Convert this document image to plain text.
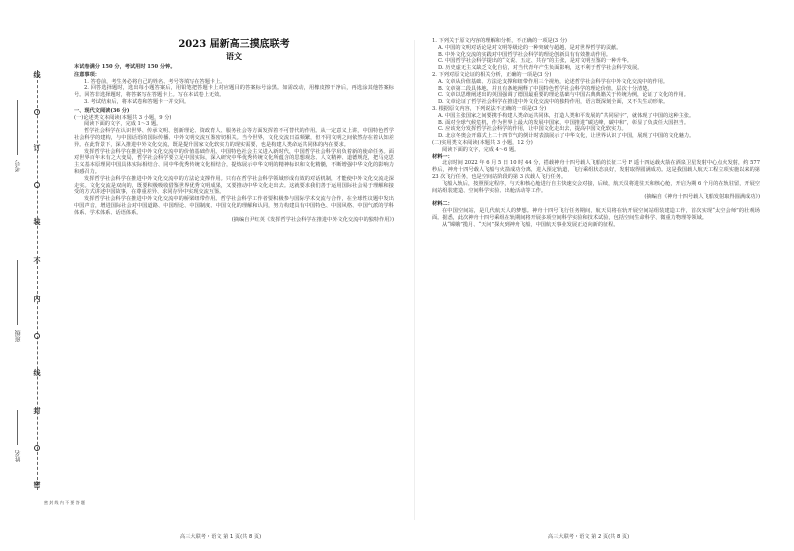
考号
班级
姓名
线
订
装
不
内
线
封
密
密 封 线 内 不 要 答 题
2023 届新高三摸底联考
语文
本试卷满分 150 分，考试用时 150 分钟。
注意事项：
1. 答卷前，考生务必将自己的姓名、考号等填写在答题卡上。
2. 回答选择题时，选出每小题答案后，用铅笔把答题卡上对应题目的答案标号涂黑。如需改动，用橡皮擦干净后，再选涂其他答案标号。回答非选择题时，将答案写在答题卡上。写在本试卷上无效。
3. 考试结束后，将本试卷和答题卡一并交回。
一、现代文阅读(36 分)
(一)论述类文本阅读(本题共 3 小题，9 分)
阅读下面的文字，完成 1～3 题。
哲学社会科学在认识世界、传承文明、创新理论、资政育人、服务社会等方面发挥着不可替代的作用。从一定意义上讲，中国特色哲学社会科学的建构，与中国话语的国际传播、中外文明交流互鉴密切相关。当今世界，文化交流日益频繁，但不同文明之间依然存在着认知差异。在此背景下，深入推进中外文化交流，既是提升国家文化软实力的现实需要，也是构建人类命运共同体的内在要求。
发挥哲学社会科学在推进中外文化交流中的价值基础作用。中国特色社会主义进入新时代，中国哲学社会科学肩负着新的使命任务。面对世界百年未有之大变局，哲学社会科学要立足中国实际，深入研究中华优秀传统文化所蕴含的思想观念、人文精神、道德规范，把马克思主义基本原理同中国具体实际相结合、同中华优秀传统文化相结合，提炼展示中华文明的精神标识和文化精髓，不断增强中华文化的影响力和感召力。
发挥哲学社会科学在推进中外文化交流中的方法论支撑作用。只有在哲学社会科学领域形成有效的对话机制，才能使中外文化交流走深走实。文化交流是双向的，既要积极吸收借鉴世界优秀文明成果，又要推动中华文化走出去。这就要求我们善于运用国际社会易于理解和接受的方式讲述中国故事，在尊重差异、求同存异中实现交流互鉴。
发挥哲学社会科学在推进中外文化交流中的桥梁纽带作用。哲学社会科学工作者要积极参与国际学术交流与合作，在全球性议题中发出中国声音，增进国际社会对中国道路、中国理论、中国制度、中国文化的理解和认同，努力构建具有中国特色、中国风格、中国气派的学科体系、学术体系、话语体系。
(摘编自尹红英《发挥哲学社会科学在推进中外文化交流中的独特作用》)
1. 下列关于原文内容的理解和分析，不正确的一项是(3 分)
A. 中国的文明对话论是对文明等级论的一种突破与超越，是对世界哲学的贡献。
B. 中外文化交流的实践对中国哲学社会科学的理论创新具有有效推动作用。
C. 中国哲学社会科学提出的“文说、五定、共存”的主张，是对文明互鉴的一种升华。
D. 历史虚无主义缺乏文化自信，对当代青年产生负面影响，这不利于哲学社会科学发展。
2. 下列对原文论证的相关分析，正确的一项是(3 分)
A. 文章从价值基础、方法论支撑和纽带作用三个视角，论述哲学社会科学在中外文化交流中的作用。
B. 文章第二段具体地、并且有条地阐释了中国特色哲学社会科学的理论价值，层次十分清楚。
C. 文章以思维阐述出的英国强调了德国最重要的理论基础与中国古典典籍关于传统为例，论证了文化的作用。
D. 文章论证了哲学社会科学在推进中外文化交流中的独特作用，语言既深刻全面，又不失生动形象。
3. 根据原文内容，下列说法不正确的一项是(3 分)
A. 中国主张国家之间要携手构建人类命运共同体，打造人类和平发展的“共同屋宇”，就体现了中国的这种主张。
B. 面对全球气候危机，作为世界上最大的发展中国家，中国推进“碳达峰，碳中和”，彰显了负责任大国担当。
C. 应该充分发挥哲学社会科学的作用，让中国文化走出去，提高中国文化软实力。
D. 北京冬奥会开幕式上二十四节气的倒计时表演展示了中华文化，让世界认识了中国，展现了中国的文化魅力。
(二)实用类文本阅读(本题共 3 小题，12 分)
阅读下面的文字，完成 4～6 题。
材料一：
北京时间 2022 年 6 月 5 日 10 时 44 分，搭载神舟十四号载人飞船的长征二号 F 遥十四运载火箭在酒泉卫星发射中心点火发射，约 577 秒后，神舟十四号载人飞船与火箭成功分离，进入预定轨道，飞行乘组状态良好，发射取得圆满成功。这是我国载人航天工程立项实施以来的第 23 次飞行任务，也是空间站阶段的第 3 次载人飞行任务。
飞船入轨后，按照预定程序，与天和核心舱进行自主快速交会对接，后续，航天员将进驻天和核心舱，开启为期 6 个月的在轨驻留，开展空间站组装建造、空间科学实验、出舱活动等工作。
(摘编自《神舟十四号载人飞船发射取得圆满成功》)
材料二：
在中国空间站，是几代航天人的梦想。神舟十四号飞行任务期间，航天员将在轨开展空间站组装建造工作，首次实现“太空会师”的壮观场面。据悉，此次神舟十四号乘组在轨期间将开展多项空间科学实验和技术试验，包括空间生命科学、微重力物理等领域。
从“嫦娥”揽月、“天问”探火到神舟飞船，中国航天事业发展正迈向新的征程。
高三大联考・语文 第 1 页(共 8 页)	高三大联考・语文 第 2 页(共 8 页)
